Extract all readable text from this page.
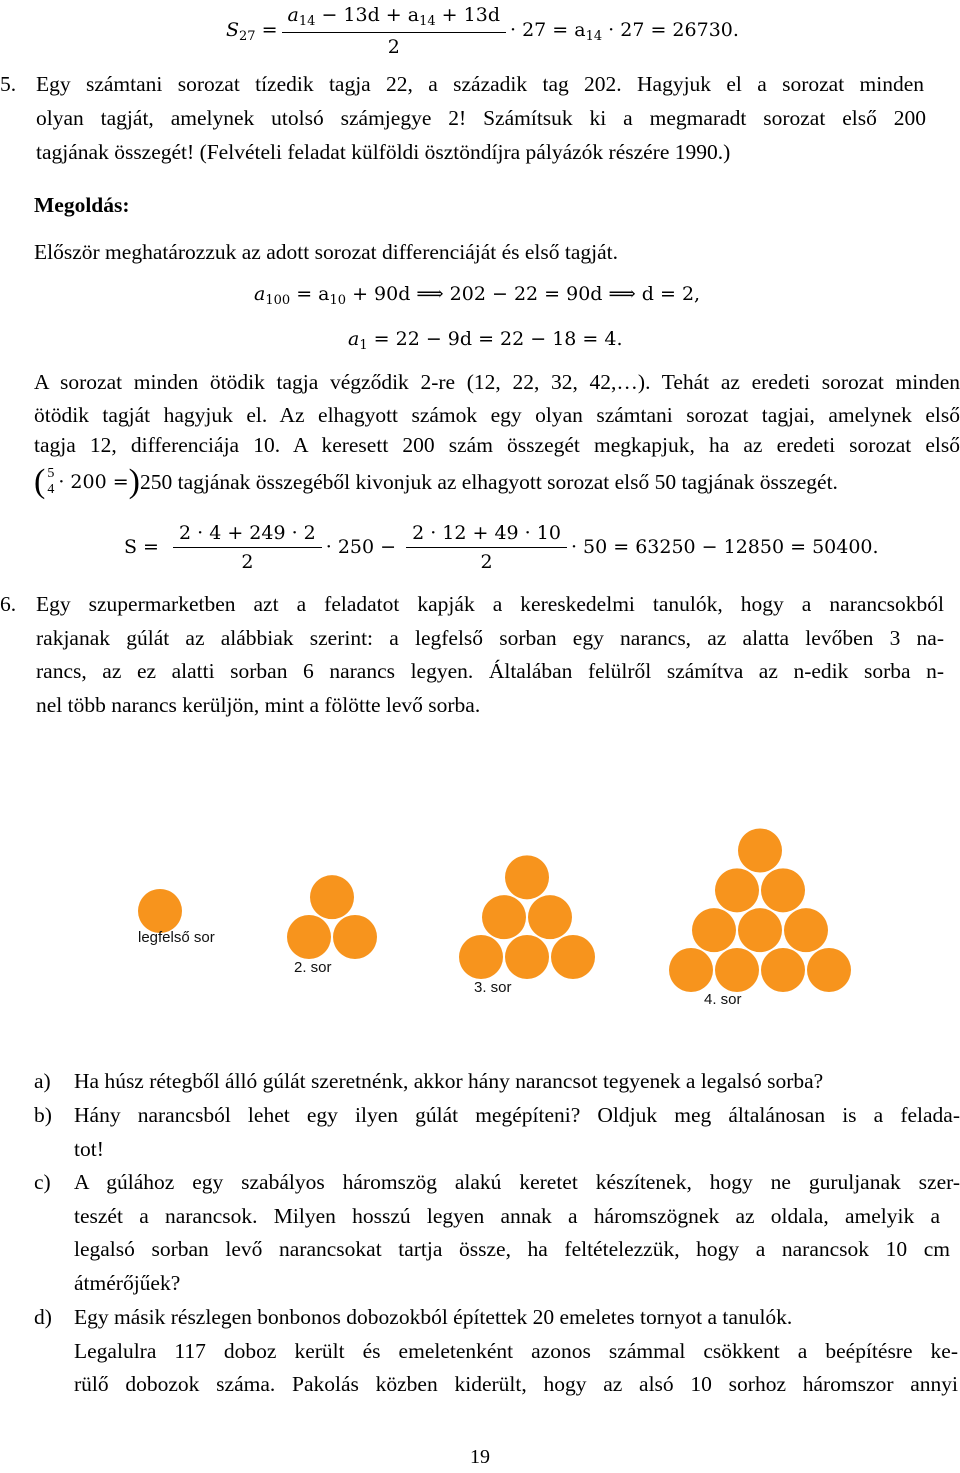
$S_{27} = \frac{a_{14} - 13d + a_{14} + 13d}{2} \cdot 27 = a_{14} \cdot 27 = 26730$.
5. Egy számtani sorozat tízedik tagja 22, a századik tag 202. Hagyjuk el a sorozat minden
olyan tagját, amelynek utolsó számjegye 2! Számítsuk ki a megmaradt sorozat első 200
tagjának összegét! (Felvételi feladat külföldi ösztöndíjra pályázók részére 1990.)
Megoldás:
Először meghatározzuk az adott sorozat differenciáját és első tagját.
$a_{100} = a_{10} + 90d$ ⟹ 202 − 22 = 90d ⟹ d = 2,
$a_1 = 22 - 9d = 22 - 18 = 4$.
A sorozat minden ötödik tagja végződik 2-re (12, 22, 32, 42,…). Tehát az eredeti sorozat minden
ötödik tagját hagyjuk el. Az elhagyott számok egy olyan számtani sorozat tagjai, amelynek első
tagja 12, differenciája 10. A keresett 200 szám összegét megkapjuk, ha az eredeti sorozat első
( 5
4 · 200 = ) 250 tagjának összegéből kivonjuk az elhagyott sorozat első 50 tagjának összegét.
$S = \frac{2 \cdot 4 + 249 \cdot 2}{2} \cdot 250 - \frac{2 \cdot 12 + 49 \cdot 10}{2} \cdot 50 = 63250 - 12850 = 50400$.
6. Egy szupermarketben azt a feladatot kapják a kereskedelmi tanulók, hogy a narancsokból
rakjanak gúlát az alábbiak szerint: a legfelső sorban egy narancs, az alatta levőben 3 na-
rancs, az ez alatti sorban 6 narancs legyen. Általában felülről számítva az n-edik sorba n-
nel több narancs kerüljön, mint a fölötte levő sorba.
legfelső sor
2. sor
3. sor
4. sor
a) Ha húsz rétegből álló gúlát szeretnénk, akkor hány narancsot tegyenek a legalsó sorba?
b) Hány narancsból lehet egy ilyen gúlát megépíteni? Oldjuk meg általánosan is a felada-
tot!
c) A gúlához egy szabályos háromszög alakú keretet készítenek, hogy ne guruljanak szer-
teszét a narancsok. Milyen hosszú legyen annak a háromszögnek az oldala, amelyik a
legalsó sorban levő narancsokat tartja össze, ha feltételezzük, hogy a narancsok 10 cm
átmérőjűek?
d) Egy másik részlegen bonbonos dobozokból építettek 20 emeletes tornyot a tanulók.
Legalulra 117 doboz került és emeletenként azonos számmal csökkent a beépítésre ke-
rülő dobozok száma. Pakolás közben kiderült, hogy az alsó 10 sorhoz háromszor annyi
19
